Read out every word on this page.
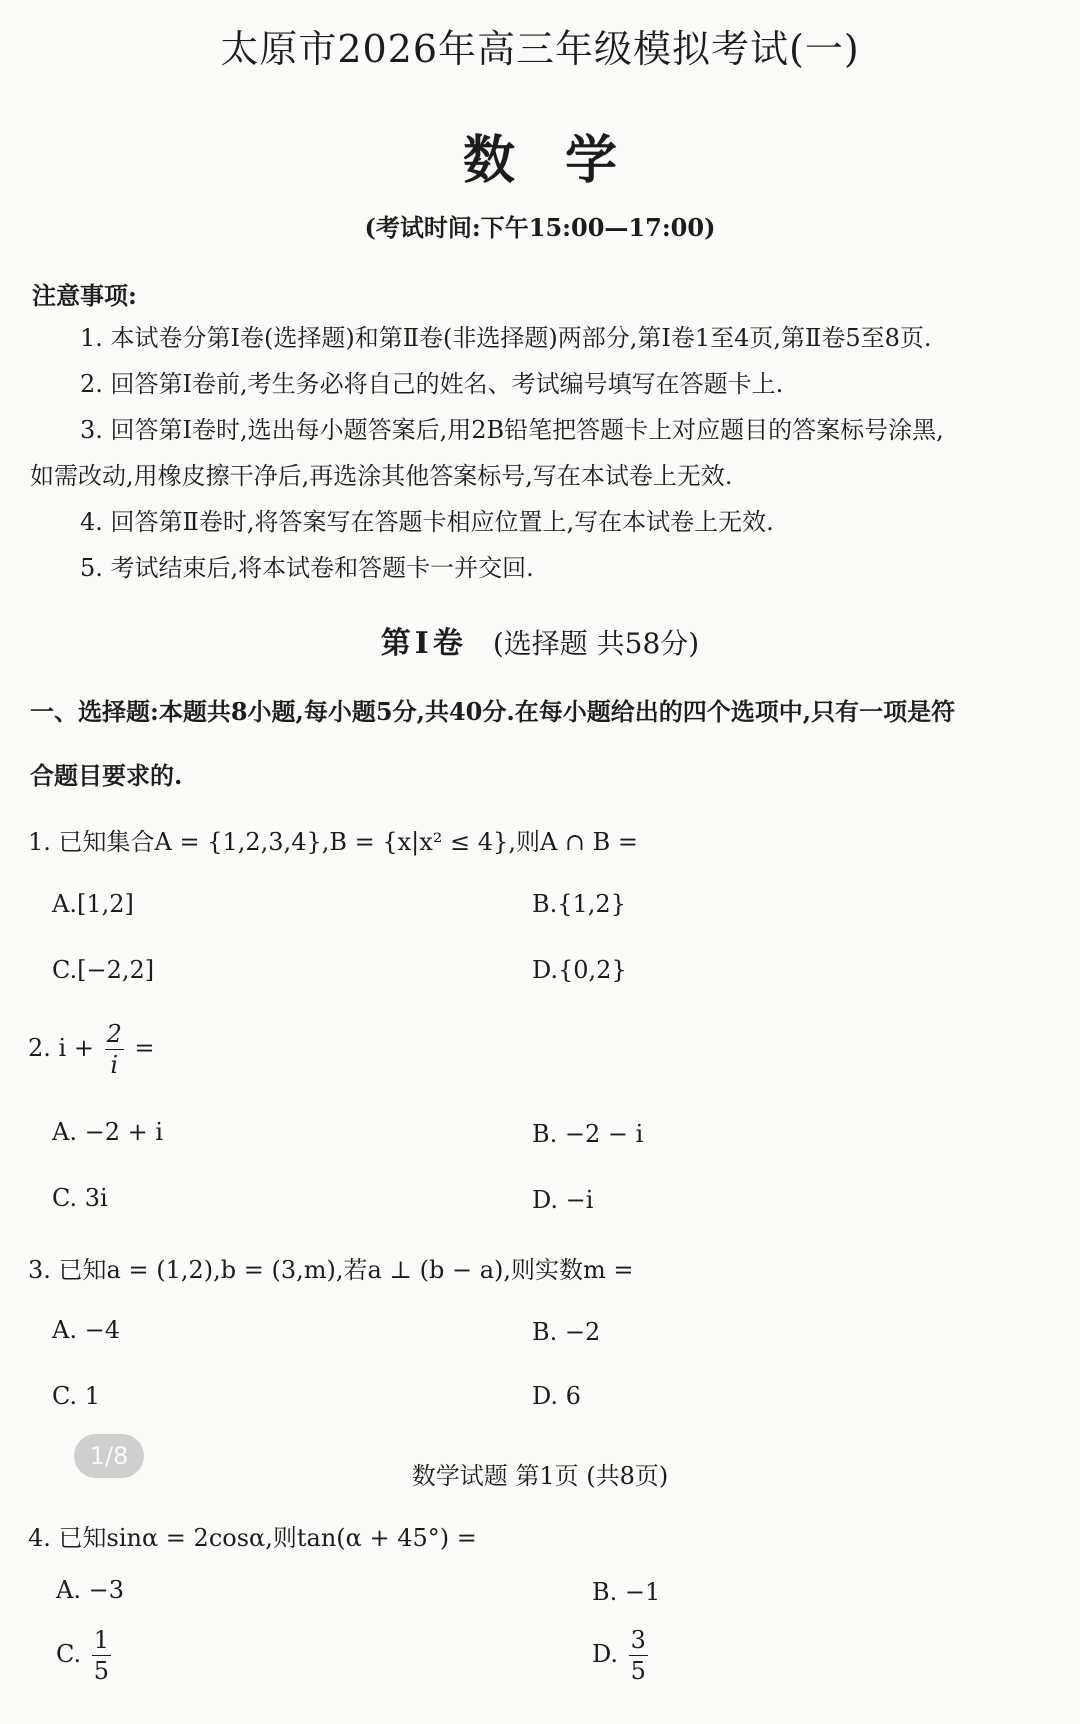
太原市2026年高三年级模拟考试(一)
数学
(考试时间:下午15:00—17:00)
注意事项:
1. 本试卷分第Ⅰ卷(选择题)和第Ⅱ卷(非选择题)两部分,第Ⅰ卷1至4页,第Ⅱ卷5至8页.
2. 回答第Ⅰ卷前,考生务必将自己的姓名、考试编号填写在答题卡上.
3. 回答第Ⅰ卷时,选出每小题答案后,用2B铅笔把答题卡上对应题目的答案标号涂黑,
如需改动,用橡皮擦干净后,再选涂其他答案标号,写在本试卷上无效.
4. 回答第Ⅱ卷时,将答案写在答题卡相应位置上,写在本试卷上无效.
5. 考试结束后,将本试卷和答题卡一并交回.
第Ⅰ卷 (选择题 共58分)
一、选择题:本题共8小题,每小题5分,共40分.在每小题给出的四个选项中,只有一项是符
合题目要求的.
1. 已知集合A = {1,2,3,4},B = {x|x² ≤ 4},则A ∩ B =
A.[1,2]	B.{1,2}
C.[−2,2]	D.{0,2}
2. $i + \frac{2}{i}$ =
A. −2 + i	B. −2 − i
C. 3i	D. −i
3. 已知a = (1,2),b = (3,m),若a ⊥ (b − a),则实数m =
A. −4	B. −2
C. 1	D. 6
1/8
数学试题 第1页 (共8页)
4. 已知sinα = 2cosα,则tan(α + 45°) =
A. −3	B. −1
C. $\frac{1}{5}$	D. $\frac{3}{5}$
